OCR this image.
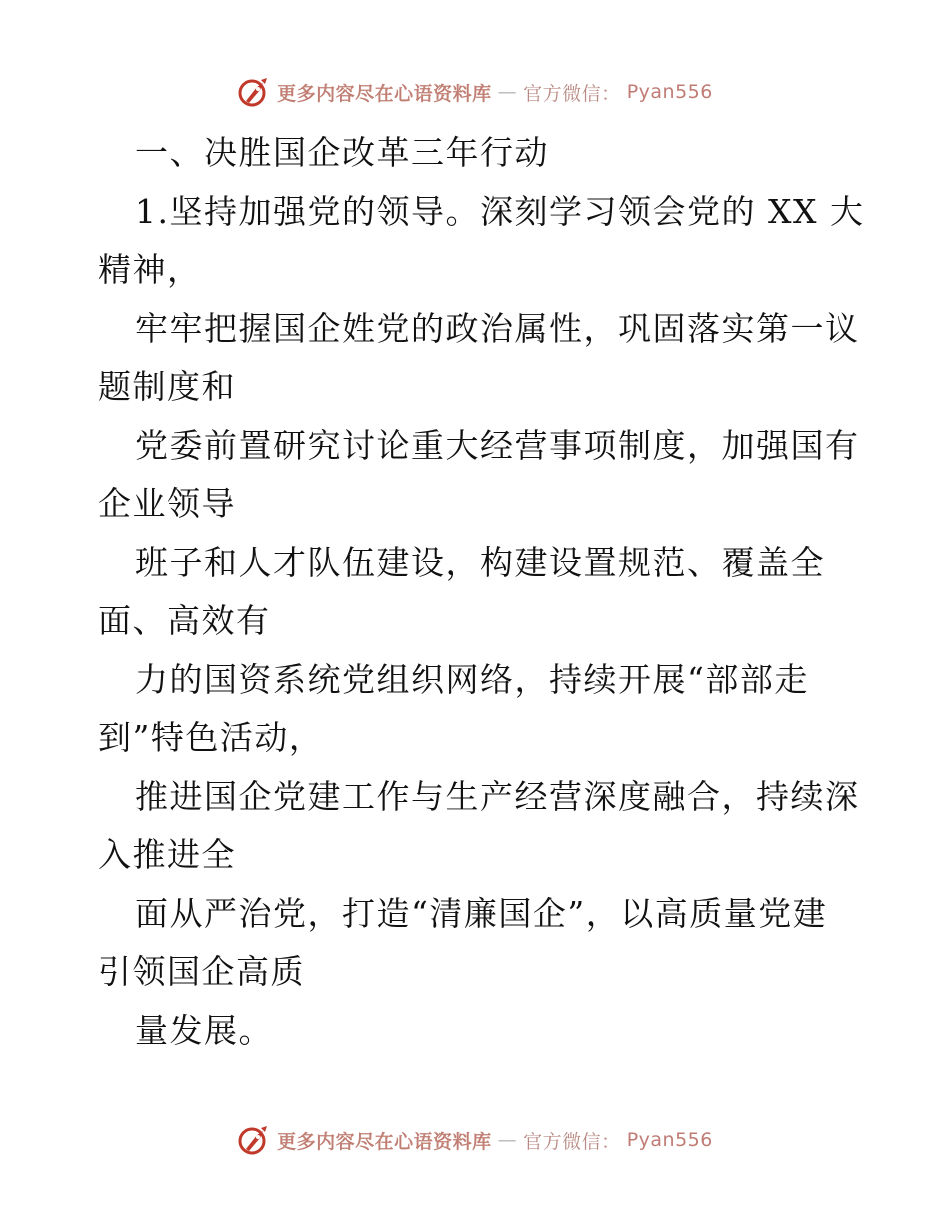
更多内容尽在心语资料库 — 官方微信： Pyan556
一、决胜国企改革三年行动
1.坚持加强党的领导。深刻学习领会党的 XX 大
精神，
牢牢把握国企姓党的政治属性，巩固落实第一议
题制度和
党委前置研究讨论重大经营事项制度，加强国有
企业领导
班子和人才队伍建设，构建设置规范、覆盖全
面、高效有
力的国资系统党组织网络，持续开展“部部走
到”特色活动，
推进国企党建工作与生产经营深度融合，持续深
入推进全
面从严治党，打造“清廉国企”，以高质量党建
引领国企高质
量发展。
更多内容尽在心语资料库 — 官方微信： Pyan556
